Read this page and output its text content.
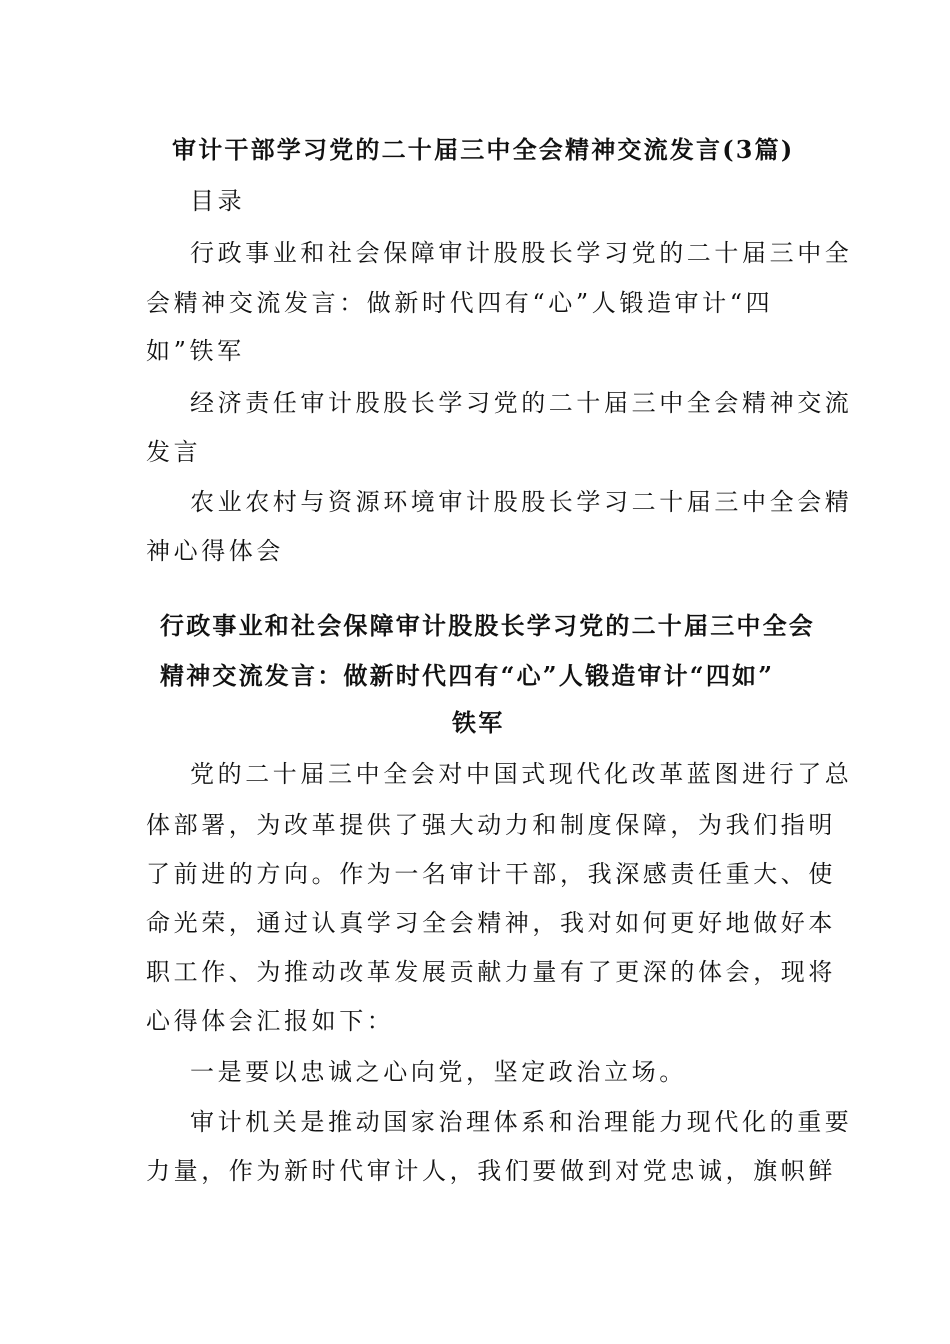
审计干部学习党的二十届三中全会精神交流发言(3篇)
目录
行政事业和社会保障审计股股长学习党的二十届三中全
会精神交流发言：做新时代四有“心”人锻造审计“四
如”铁军
经济责任审计股股长学习党的二十届三中全会精神交流
发言
农业农村与资源环境审计股股长学习二十届三中全会精
神心得体会
行政事业和社会保障审计股股长学习党的二十届三中全会
精神交流发言：做新时代四有“心”人锻造审计“四如”
铁军
党的二十届三中全会对中国式现代化改革蓝图进行了总
体部署，为改革提供了强大动力和制度保障，为我们指明
了前进的方向。作为一名审计干部，我深感责任重大、使
命光荣，通过认真学习全会精神，我对如何更好地做好本
职工作、为推动改革发展贡献力量有了更深的体会，现将
心得体会汇报如下：
一是要以忠诚之心向党，坚定政治立场。
审计机关是推动国家治理体系和治理能力现代化的重要
力量，作为新时代审计人，我们要做到对党忠诚，旗帜鲜
